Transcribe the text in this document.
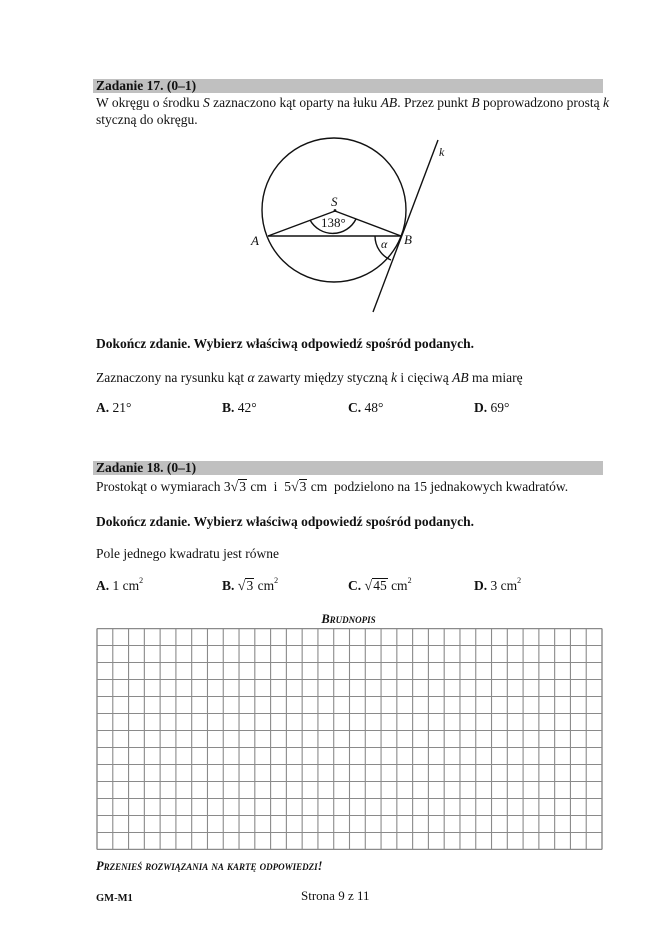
Zadanie 17. (0–1)
W okręgu o środku S zaznaczono kąt oparty na łuku AB. Przez punkt B poprowadzono prostą k
styczną do okręgu.
A	B
S
k
α
138°
Dokończ zdanie. Wybierz właściwą odpowiedź spośród podanych.
Zaznaczony na rysunku kąt α zawarty między styczną k i cięciwą AB ma miarę
A. 21°	B. 42°	C. 48°	D. 69°
Zadanie 18. (0–1)
Prostokąt o wymiarach 3√3 cm i 5√3 cm podzielono na 15 jednakowych kwadratów.
Dokończ zdanie. Wybierz właściwą odpowiedź spośród podanych.
Pole jednego kwadratu jest równe
A. 1 $cm^2$	B. √3 $cm^2$	C. √45 $cm^2$	D. 3 $cm^2$
Brudnopis
Przenieś rozwiązania na kartę odpowiedzi!
GM-M1	Strona 9 z 11
